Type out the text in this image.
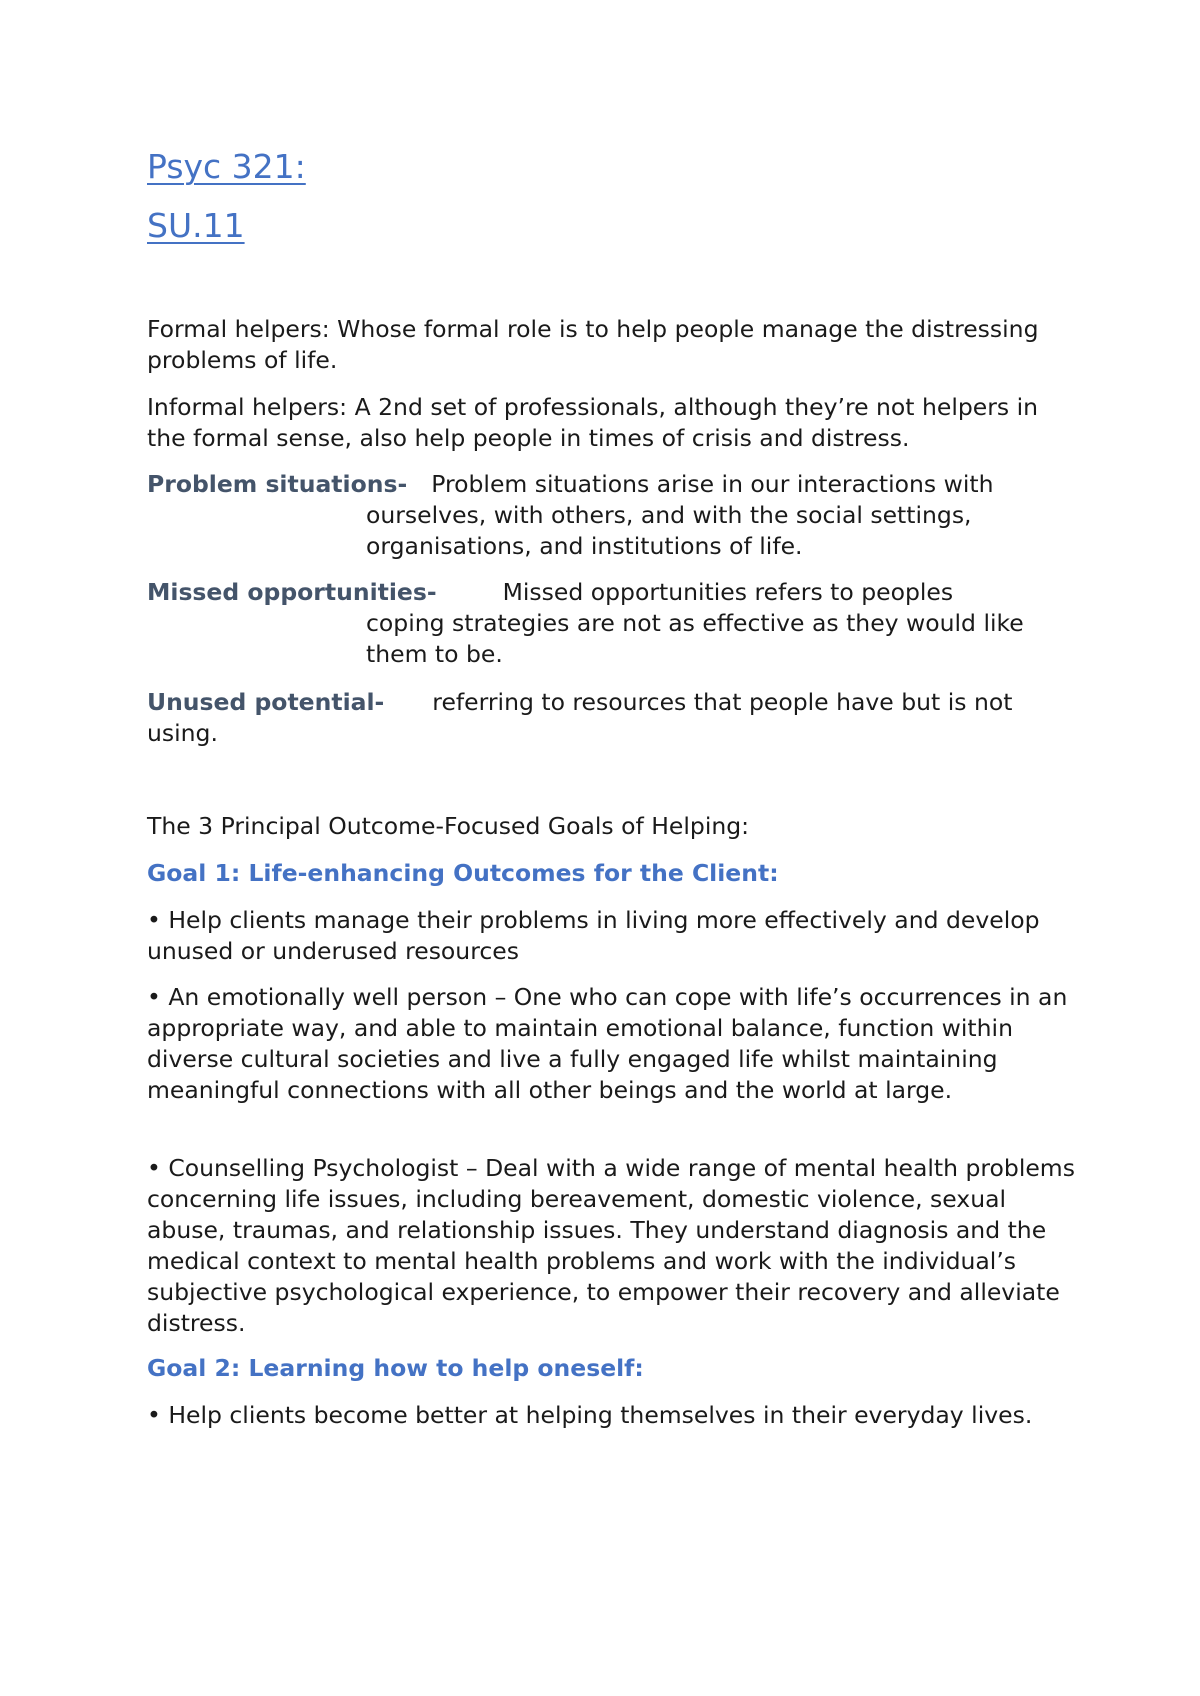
Psyc 321:
SU.11
Formal helpers: Whose formal role is to help people manage the distressing problems of life.
Informal helpers: A 2nd set of professionals, although they’re not helpers in the formal sense, also help people in times of crisis and distress.
Problem situations- Problem situations arise in our interactions with
ourselves, with others, and with the social settings, organisations, and institutions of life.
Missed opportunities-	Missed opportunities refers to peoples
coping strategies are not as effective as they would like them to be.
Unused potential- referring to resources that people have but is not
using.
The 3 Principal Outcome-Focused Goals of Helping:
Goal 1: Life-enhancing Outcomes for the Client:
• Help clients manage their problems in living more effectively and develop unused or underused resources
• An emotionally well person – One who can cope with life’s occurrences in an appropriate way, and able to maintain emotional balance, function within diverse cultural societies and live a fully engaged life whilst maintaining meaningful connections with all other beings and the world at large.
• Counselling Psychologist – Deal with a wide range of mental health problems concerning life issues, including bereavement, domestic violence, sexual abuse, traumas, and relationship issues. They understand diagnosis and the medical context to mental health problems and work with the individual’s subjective psychological experience, to empower their recovery and alleviate distress.
Goal 2: Learning how to help oneself:
• Help clients become better at helping themselves in their everyday lives.
